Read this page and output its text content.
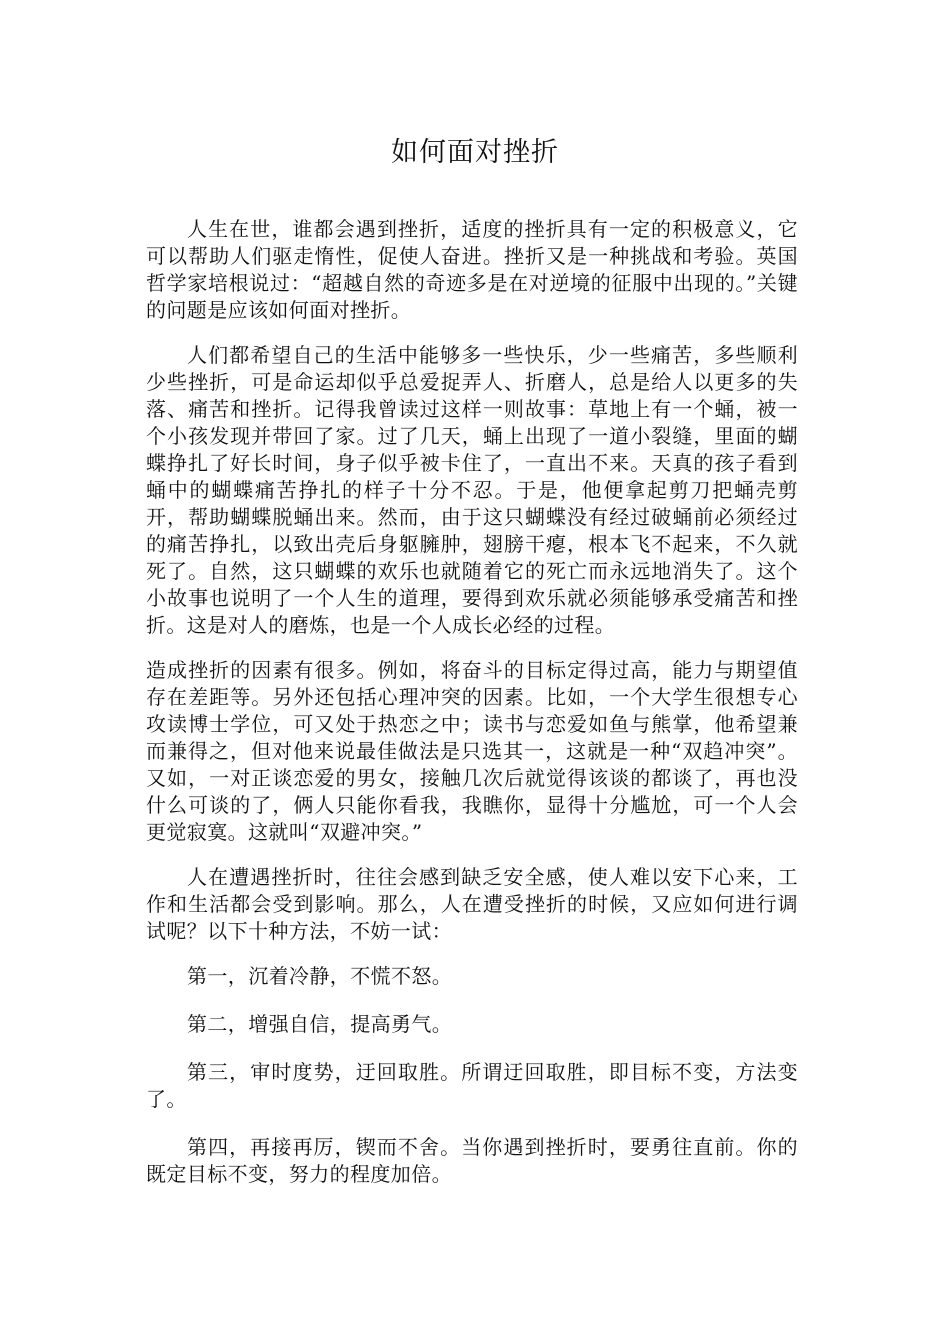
如何面对挫折

人生在世，谁都会遇到挫折，适度的挫折具有一定的积极意义，它可以帮助人们驱走惰性，促使人奋进。挫折又是一种挑战和考验。英国哲学家培根说过：“超越自然的奇迹多是在对逆境的征服中出现的。”关键的问题是应该如何面对挫折。

人们都希望自己的生活中能够多一些快乐，少一些痛苦，多些顺利少些挫折，可是命运却似乎总爱捉弄人、折磨人，总是给人以更多的失落、痛苦和挫折。记得我曾读过这样一则故事：草地上有一个蛹，被一个小孩发现并带回了家。过了几天，蛹上出现了一道小裂缝，里面的蝴蝶挣扎了好长时间，身子似乎被卡住了，一直出不来。天真的孩子看到蛹中的蝴蝶痛苦挣扎的样子十分不忍。于是，他便拿起剪刀把蛹壳剪开，帮助蝴蝶脱蛹出来。然而，由于这只蝴蝶没有经过破蛹前必须经过的痛苦挣扎，以致出壳后身躯臃肿，翅膀干瘪，根本飞不起来，不久就死了。自然，这只蝴蝶的欢乐也就随着它的死亡而永远地消失了。这个小故事也说明了一个人生的道理，要得到欢乐就必须能够承受痛苦和挫折。这是对人的磨炼，也是一个人成长必经的过程。

造成挫折的因素有很多。例如，将奋斗的目标定得过高，能力与期望值存在差距等。另外还包括心理冲突的因素。比如，一个大学生很想专心攻读博士学位，可又处于热恋之中；读书与恋爱如鱼与熊掌，他希望兼而兼得之，但对他来说最佳做法是只选其一，这就是一种“双趋冲突”。又如，一对正谈恋爱的男女，接触几次后就觉得该谈的都谈了，再也没什么可谈的了，俩人只能你看我，我瞧你，显得十分尴尬，可一个人会更觉寂寞。这就叫“双避冲突。”

人在遭遇挫折时，往往会感到缺乏安全感，使人难以安下心来，工作和生活都会受到影响。那么，人在遭受挫折的时候，又应如何进行调试呢？以下十种方法，不妨一试：

第一，沉着冷静，不慌不怒。

第二，增强自信，提高勇气。

第三，审时度势，迂回取胜。所谓迂回取胜，即目标不变，方法变了。

第四，再接再厉，锲而不舍。当你遇到挫折时，要勇往直前。你的既定目标不变，努力的程度加倍。
